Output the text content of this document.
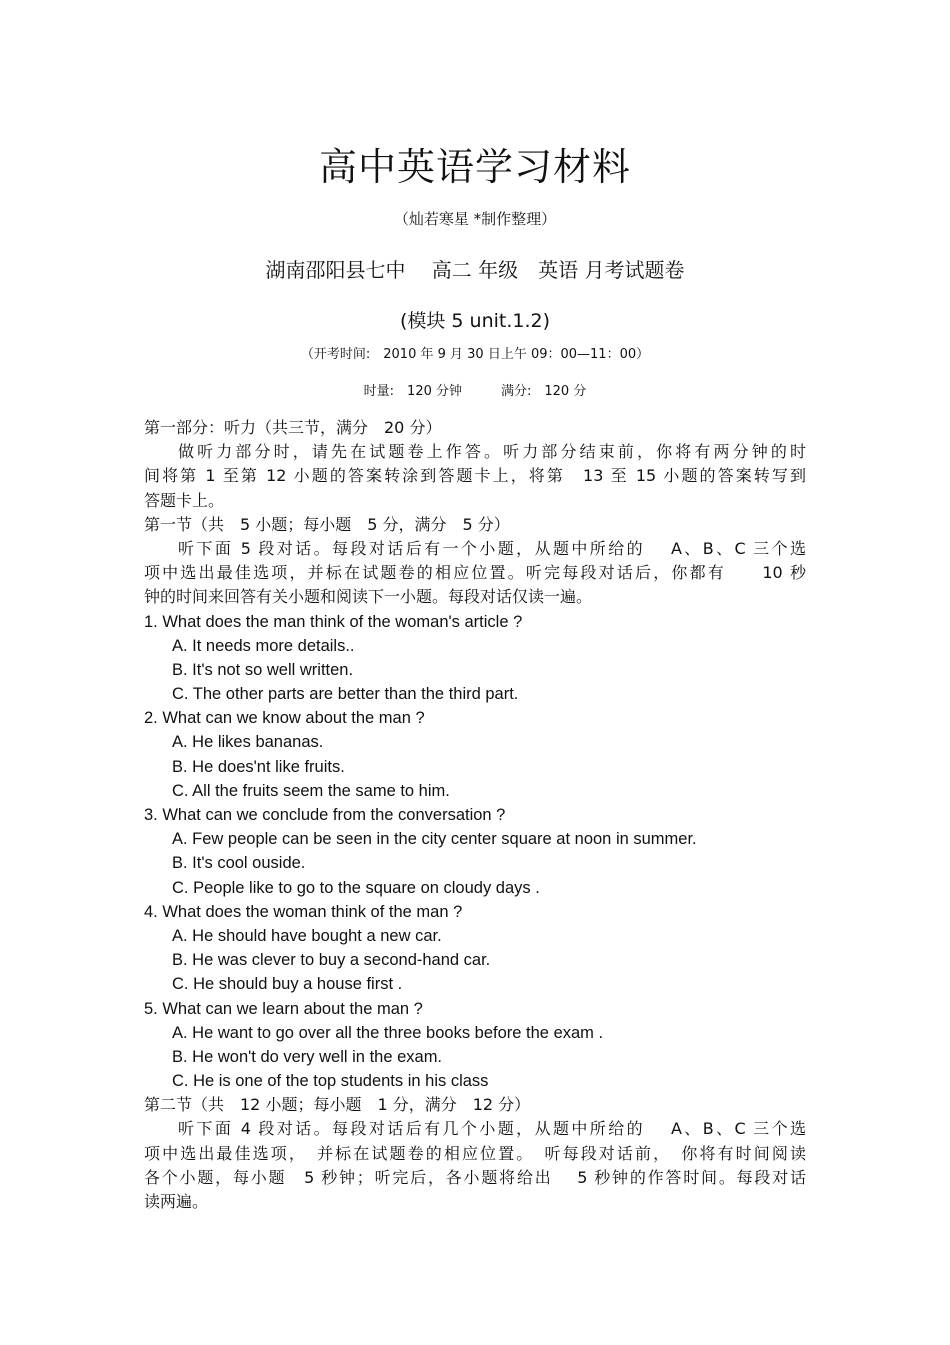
高中英语学习材料
（灿若寒星 *制作整理）
湖南邵阳县七中　 高二 年级　英语 月考试题卷
(模块 5 unit.1.2)
（开考时间:　2010 年 9 月 30 日上午 09：00—11：00）
时量:　120 分钟　　　满分:　120 分
第一部分：听力（共三节，满分　20 分）
做听力部分时，请先在试题卷上作答。听力部分结束前，你将有两分钟的时
间将第 1 至第 12 小题的答案转涂到答题卡上，将第　13 至 15 小题的答案转写到
答题卡上。
第一节（共　5 小题；每小题　5 分，满分　5 分）
听下面 5 段对话。每段对话后有一个小题，从题中所给的　 A、B、C 三个选
项中选出最佳选项，并标在试题卷的相应位置。听完每段对话后，你都有　　10 秒
钟的时间来回答有关小题和阅读下一小题。每段对话仅读一遍。
1. What does the man think of the woman's article ?
A. It needs more details..
B. It's not so well written.
C. The other parts are better than the third part.
2. What can we know about the man ?
A. He likes bananas.
B. He does'nt like fruits.
C. All the fruits seem the same to him.
3. What can we conclude from the conversation ?
A. Few people can be seen in the city center square at noon in summer.
B. It's cool ouside.
C. People like to go to the square on cloudy days .
4. What does the woman think of the man ?
A. He should have bought a new car.
B. He was clever to buy a second-hand car.
C. He should buy a house first .
5. What can we learn about the man ?
A. He want to go over all the three books before the exam .
B. He won't do very well in the exam.
C. He is one of the top students in his class
第二节（共　12 小题；每小题　1 分，满分　12 分）
听下面 4 段对话。每段对话后有几个小题，从题中所给的　 A、B、C 三个选
项中选出最佳选项，　并标在试题卷的相应位置。　听每段对话前，　你将有时间阅读
各个小题，每小题　5 秒钟；听完后，各小题将给出　 5 秒钟的作答时间。每段对话
读两遍。
